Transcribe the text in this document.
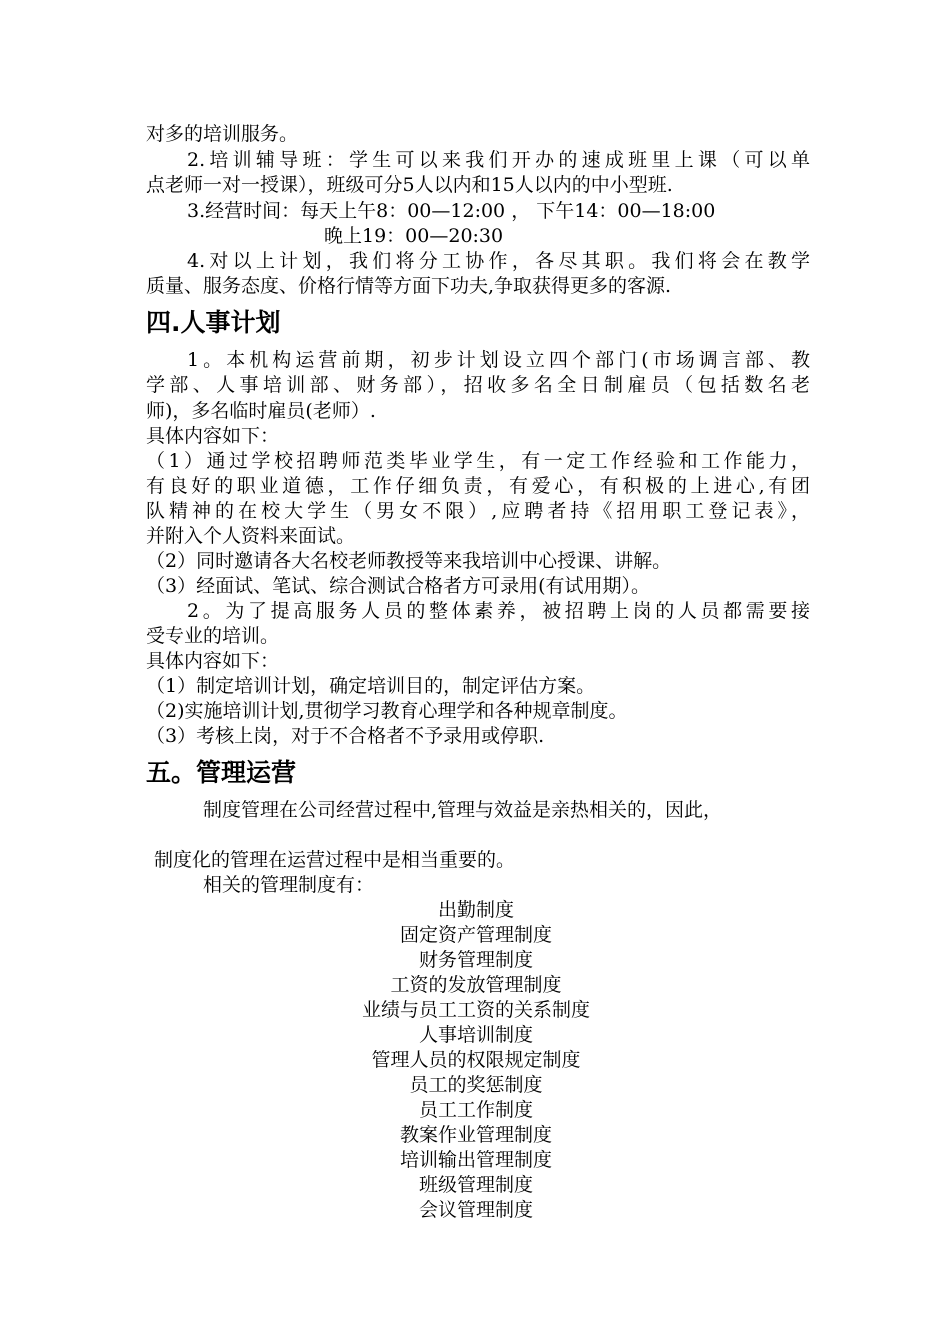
对多的培训服务。
2.培训辅导班：学生可以来我们开办的速成班里上课（可以单
点老师一对一授课），班级可分5人以内和15人以内的中小型班.
3.经营时间：每天上午8：00—12:00 ， 下午14：00—18:00
晚上19：00—20:30
4.对以上计划，我们将分工协作，各尽其职。我们将会在教学
质量、服务态度、价格行情等方面下功夫,争取获得更多的客源.
四.人事计划
1。本机构运营前期，初步计划设立四个部门(市场调言部、教
学部、人事培训部、财务部），招收多名全日制雇员（包括数名老
师)，多名临时雇员(老师）.
具体内容如下：
（1）通过学校招聘师范类毕业学生，有一定工作经验和工作能力，
有良好的职业道德，工作仔细负责，有爱心，有积极的上进心,有团
队精神的在校大学生（男女不限）,应聘者持《招用职工登记表》，
并附入个人资料来面试。
（2）同时邀请各大名校老师教授等来我培训中心授课、讲解。
（3）经面试、笔试、综合测试合格者方可录用(有试用期）。
2。为了提高服务人员的整体素养，被招聘上岗的人员都需要接
受专业的培训。
具体内容如下：
（1）制定培训计划，确定培训目的，制定评估方案。
（2)实施培训计划,贯彻学习教育心理学和各种规章制度。
（3）考核上岗，对于不合格者不予录用或停职.
五。管理运营
制度管理在公司经营过程中,管理与效益是亲热相关的，因此，
制度化的管理在运营过程中是相当重要的。
相关的管理制度有：
出勤制度
固定资产管理制度
财务管理制度
工资的发放管理制度
业绩与员工工资的关系制度
人事培训制度
管理人员的权限规定制度
员工的奖惩制度
员工工作制度
教案作业管理制度
培训输出管理制度
班级管理制度
会议管理制度
